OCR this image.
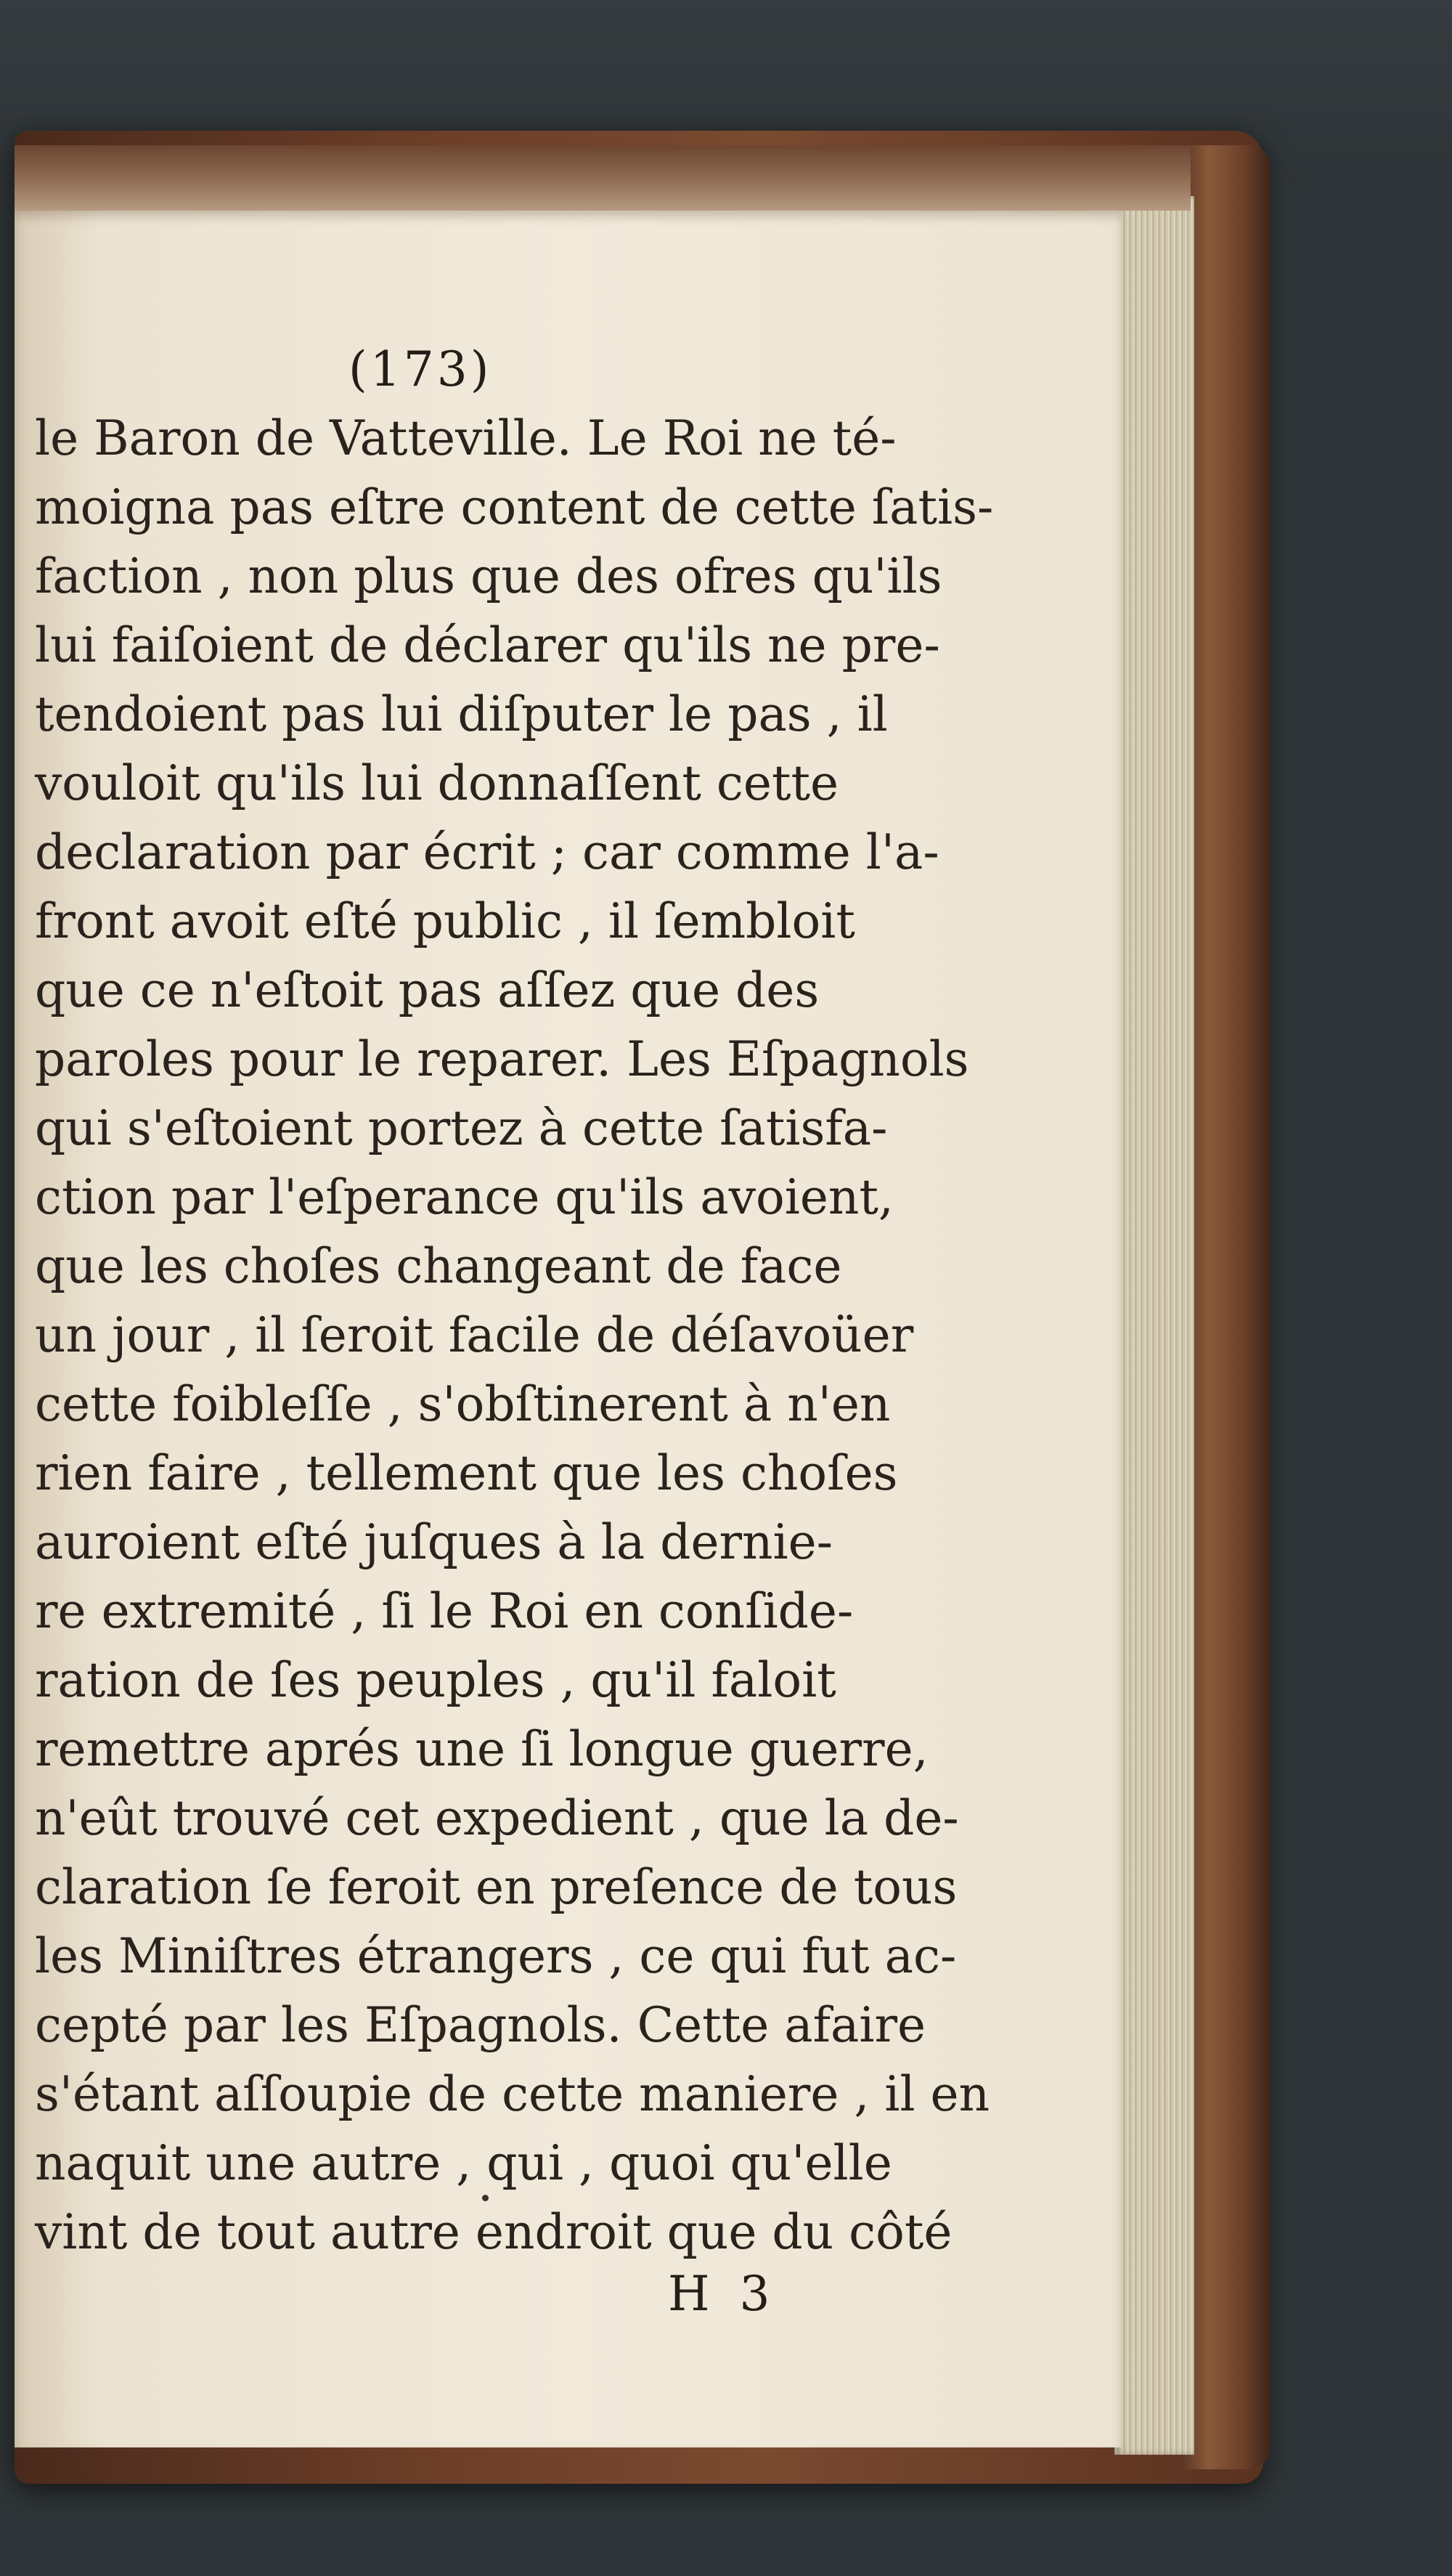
(173)
le Baron de Vatteville. Le Roi ne té-
moigna pas eſtre content de cette ſatis-
faction , non plus que des ofres qu'ils
lui faiſoient de déclarer qu'ils ne pre-
tendoient pas lui diſputer le pas , il
vouloit qu'ils lui donnaſſent cette
declaration par écrit ; car comme l'a-
front avoit eſté public , il ſembloit
que ce n'eſtoit pas aſſez que des
paroles pour le reparer. Les Eſpagnols
qui s'eſtoient portez à cette ſatisfa-
ction par l'eſperance qu'ils avoient,
que les choſes changeant de face
un jour , il ſeroit facile de déſavoüer
cette foibleſſe , s'obſtinerent à n'en
rien faire , tellement que les choſes
auroient eſté juſques à la dernie-
re extremité , ſi le Roi en conſide-
ration de ſes peuples , qu'il faloit
remettre aprés une ſi longue guerre,
n'eût trouvé cet expedient , que la de-
claration ſe feroit en preſence de tous
les Miniſtres étrangers , ce qui fut ac-
cepté par les Eſpagnols. Cette afaire
s'étant aſſoupie de cette maniere , il en
naquit une autre , qui , quoi qu'elle
vint de tout autre endroit que du côté
H 3
